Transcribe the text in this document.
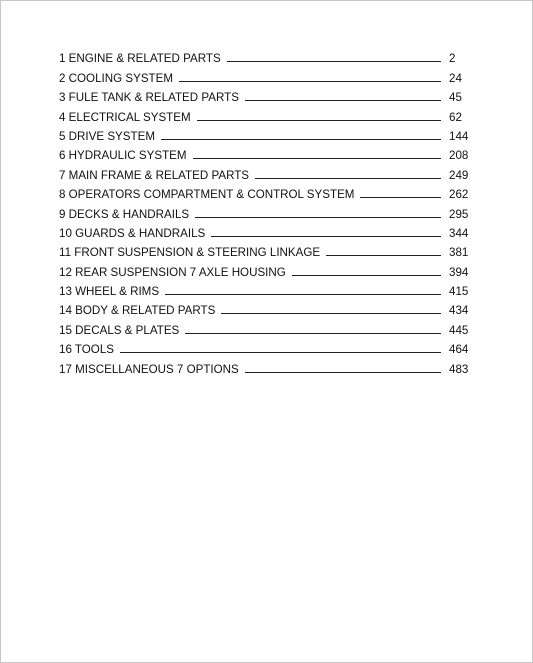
1 ENGINE & RELATED PARTS	2
2 COOLING SYSTEM	24
3 FULE TANK & RELATED PARTS	45
4 ELECTRICAL SYSTEM	62
5 DRIVE SYSTEM	144
6 HYDRAULIC SYSTEM	208
7 MAIN FRAME & RELATED PARTS	249
8 OPERATORS COMPARTMENT & CONTROL SYSTEM	262
9 DECKS & HANDRAILS	295
10 GUARDS & HANDRAILS	344
11 FRONT SUSPENSION & STEERING LINKAGE	381
12 REAR SUSPENSION 7 AXLE HOUSING	394
13 WHEEL & RIMS	415
14 BODY & RELATED PARTS	434
15 DECALS & PLATES	445
16 TOOLS	464
17 MISCELLANEOUS 7 OPTIONS	483
